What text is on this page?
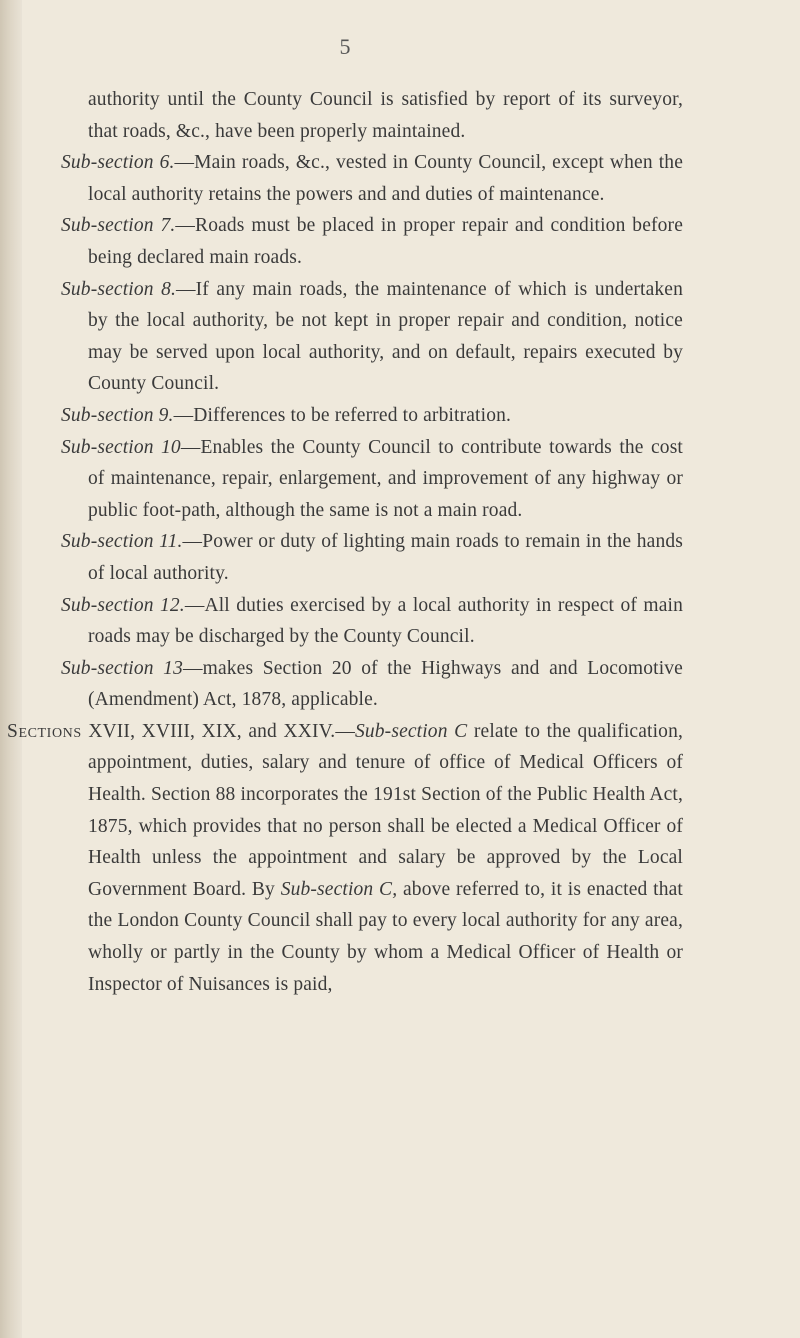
5

authority until the County Council is satisfied by report of its surveyor, that roads, &c., have been properly maintained.

Sub-section 6.—Main roads, &c., vested in County Council, except when the local authority retains the powers and and duties of maintenance.

Sub-section 7.—Roads must be placed in proper repair and condition before being declared main roads.

Sub-section 8.—If any main roads, the maintenance of which is undertaken by the local authority, be not kept in proper repair and condition, notice may be served upon local authority, and on default, repairs executed by County Council.

Sub-section 9.—Differences to be referred to arbitration.

Sub-section 10—Enables the County Council to contribute towards the cost of maintenance, repair, enlargement, and improvement of any highway or public foot-path, although the same is not a main road.

Sub-section 11.—Power or duty of lighting main roads to remain in the hands of local authority.

Sub-section 12.—All duties exercised by a local authority in respect of main roads may be discharged by the County Council.

Sub-section 13—makes Section 20 of the Highways and and Locomotive (Amendment) Act, 1878, applicable.

Sections XVII, XVIII, XIX, and XXIV.—Sub-section C relate to the qualification, appointment, duties, salary and tenure of office of Medical Officers of Health. Section 88 incorporates the 191st Section of the Public Health Act, 1875, which provides that no person shall be elected a Medical Officer of Health unless the appointment and salary be approved by the Local Government Board. By Sub-section C, above referred to, it is enacted that the London County Council shall pay to every local authority for any area, wholly or partly in the County by whom a Medical Officer of Health or Inspector of Nuisances is paid,
